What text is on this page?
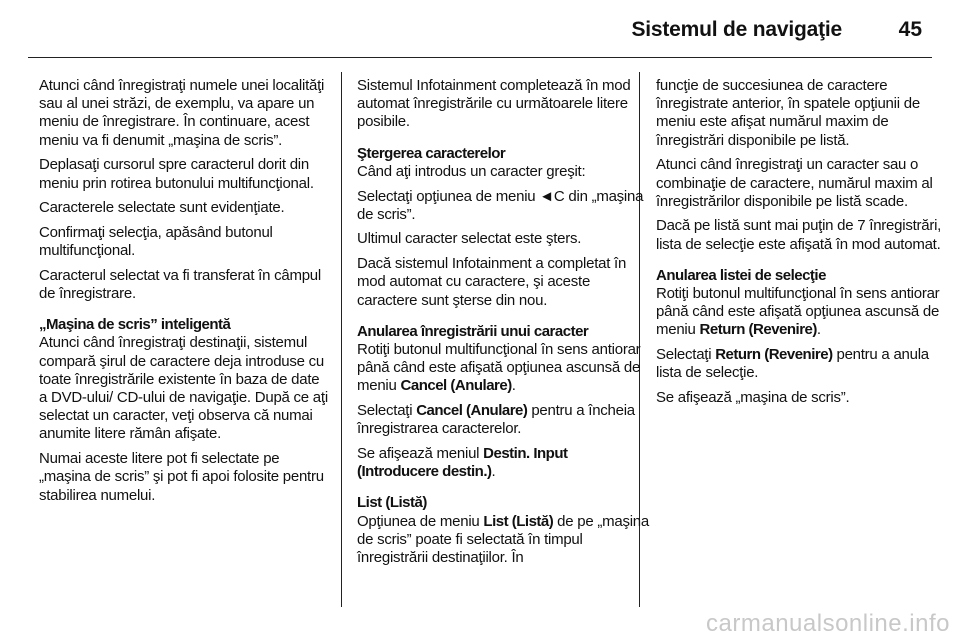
Sistemul de navigaţie	45

Atunci când înregistraţi numele unei localităţi sau al unei străzi, de exemplu, va apare un meniu de înregistrare. În continuare, acest meniu va fi denumit „maşina de scris”.

Deplasaţi cursorul spre caracterul dorit din meniu prin rotirea butonului multifuncţional.

Caracterele selectate sunt evidenţiate.

Confirmaţi selecţia, apăsând butonul multifuncţional.

Caracterul selectat va fi transferat în câmpul de înregistrare.

„Maşina de scris” inteligentă

Atunci când înregistraţi destinaţii, sistemul compară şirul de caractere deja introduse cu toate înregistrările existente în baza de date a DVD-ului/ CD-ului de navigaţie. După ce aţi selectat un caracter, veţi observa că numai anumite litere rămân afişate.

Numai aceste litere pot fi selectate pe „maşina de scris” şi pot fi apoi folosite pentru stabilirea numelui.

Sistemul Infotainment completează în mod automat înregistrările cu următoarele litere posibile.

Ştergerea caracterelor

Când aţi introdus un caracter greşit:

Selectaţi opţiunea de meniu ◄C din „maşina de scris”.

Ultimul caracter selectat este şters.

Dacă sistemul Infotainment a completat în mod automat cu caractere, şi aceste caractere sunt şterse din nou.

Anularea înregistrării unui caracter

Rotiţi butonul multifuncţional în sens antiorar până când este afişată opţiunea ascunsă de meniu Cancel (Anulare).

Selectaţi Cancel (Anulare) pentru a încheia înregistrarea caracterelor.

Se afişează meniul Destin. Input (Introducere destin.).

List (Listă)

Opţiunea de meniu List (Listă) de pe „maşina de scris” poate fi selectată în timpul înregistrării destinaţiilor. În

funcţie de succesiunea de caractere înregistrate anterior, în spatele opţiunii de meniu este afişat numărul maxim de înregistrări disponibile pe listă.

Atunci când înregistraţi un caracter sau o combinaţie de caractere, numărul maxim al înregistrărilor disponibile pe listă scade.

Dacă pe listă sunt mai puţin de 7 înregistrări, lista de selecţie este afişată în mod automat.

Anularea listei de selecţie

Rotiţi butonul multifuncţional în sens antiorar până când este afişată opţiunea ascunsă de meniu Return (Revenire).

Selectaţi Return (Revenire) pentru a anula lista de selecţie.

Se afişează „maşina de scris”.

carmanualsonline.info
